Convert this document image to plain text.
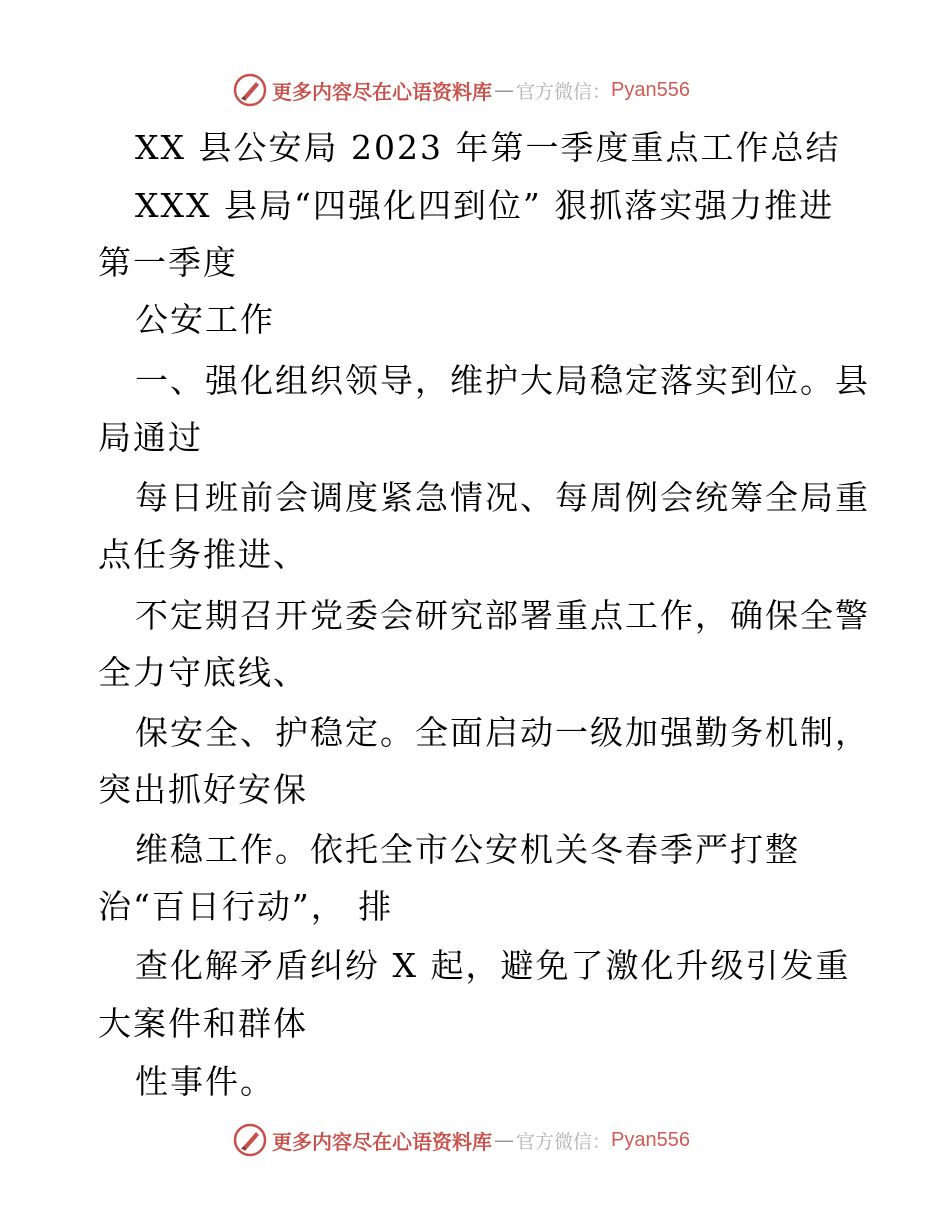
更多内容尽在心语资料库 — 官方微信： Pyan556
XX 县公安局 2023 年第一季度重点工作总结
XXX 县局“四强化四到位” 狠抓落实强力推进
第一季度
公安工作
一、强化组织领导，维护大局稳定落实到位。县
局通过
每日班前会调度紧急情况、每周例会统筹全局重
点任务推进、
不定期召开党委会研究部署重点工作，确保全警
全力守底线、
保安全、护稳定。全面启动一级加强勤务机制，
突出抓好安保
维稳工作。依托全市公安机关冬春季严打整
治“百日行动”， 排
查化解矛盾纠纷 X 起，避免了激化升级引发重
大案件和群体
性事件。
更多内容尽在心语资料库 — 官方微信： Pyan556
